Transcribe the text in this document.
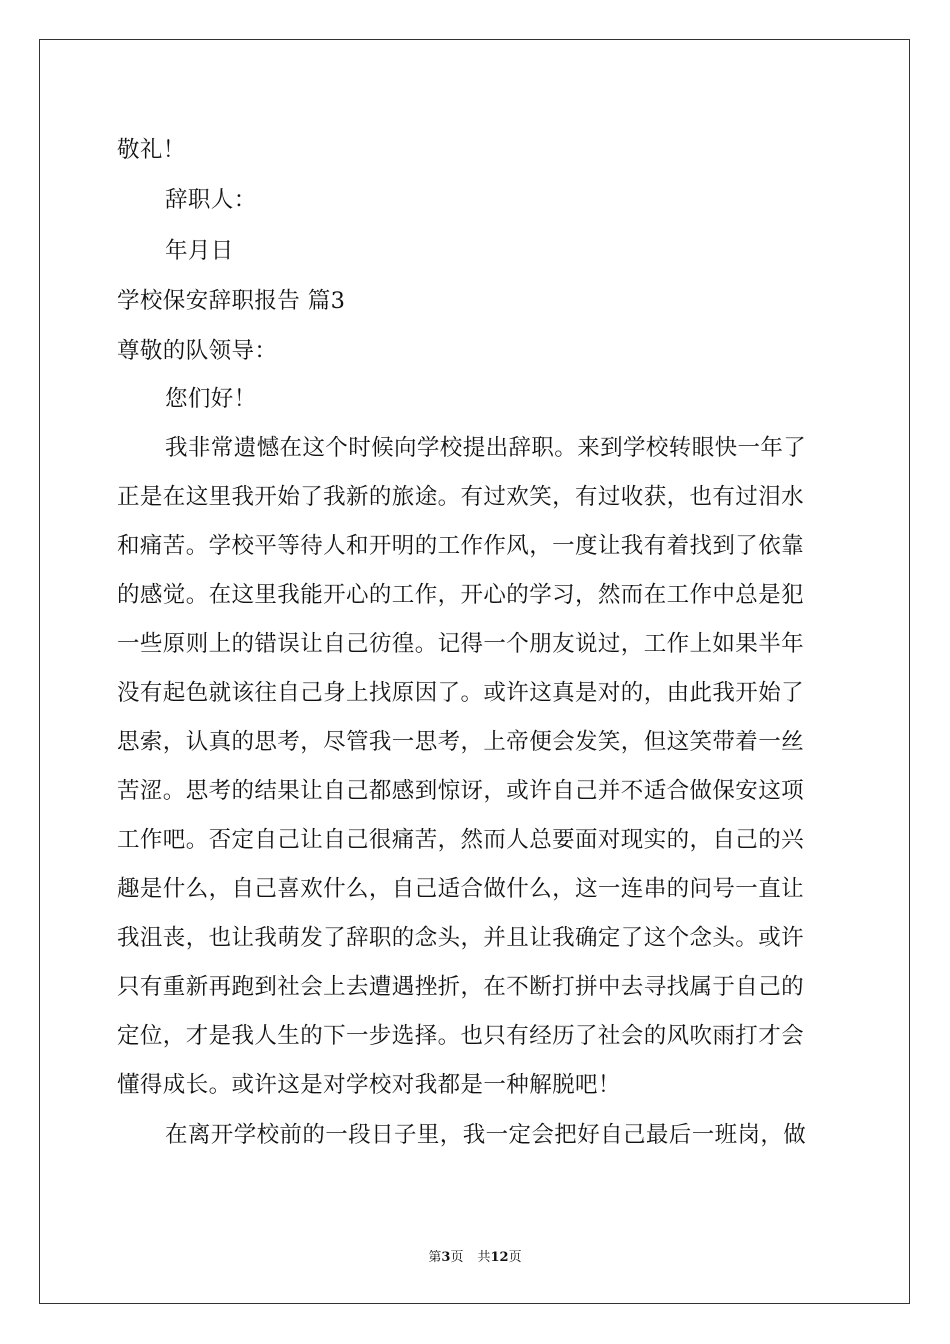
敬礼！
辞职人：
年月日
学校保安辞职报告 篇3
尊敬的队领导：
您们好！
我非常遗憾在这个时候向学校提出辞职。来到学校转眼快一年了
正是在这里我开始了我新的旅途。有过欢笑，有过收获，也有过泪水
和痛苦。学校平等待人和开明的工作作风，一度让我有着找到了依靠
的感觉。在这里我能开心的工作，开心的学习，然而在工作中总是犯
一些原则上的错误让自己彷徨。记得一个朋友说过，工作上如果半年
没有起色就该往自己身上找原因了。或许这真是对的，由此我开始了
思索，认真的思考，尽管我一思考，上帝便会发笑，但这笑带着一丝
苦涩。思考的结果让自己都感到惊讶，或许自己并不适合做保安这项
工作吧。否定自己让自己很痛苦，然而人总要面对现实的，自己的兴
趣是什么，自己喜欢什么，自己适合做什么，这一连串的问号一直让
我沮丧，也让我萌发了辞职的念头，并且让我确定了这个念头。或许
只有重新再跑到社会上去遭遇挫折，在不断打拼中去寻找属于自己的
定位，才是我人生的下一步选择。也只有经历了社会的风吹雨打才会
懂得成长。或许这是对学校对我都是一种解脱吧！
在离开学校前的一段日子里，我一定会把好自己最后一班岗，做
第3页 共12页
